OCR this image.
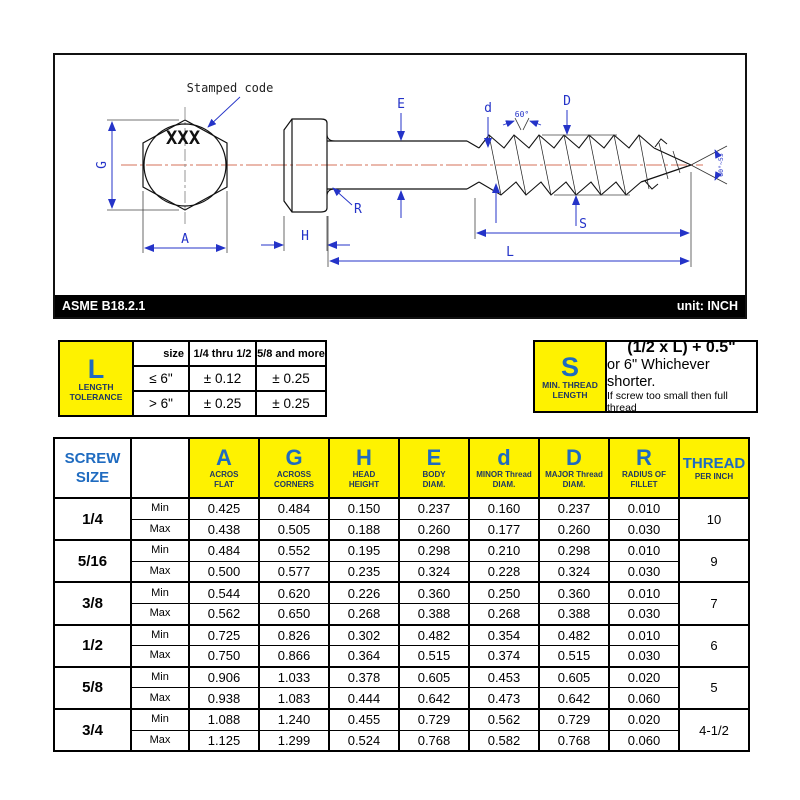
XXX
Stamped code
G
A
E	d	D
60°
60°~55
R
H
S
L
ASME B18.2.1	unit: INCH
L
LENGTH
TOLERANCE	size	1/4 thru 1/2	5/8 and more
	≤ 6"	± 0.12	± 0.25
	> 6"	± 0.25	± 0.25
S
MIN. THREAD
LENGTH
(1/2 x L) + 0.5"
or 6" Whichever shorter.
If screw too small then full thread
SCREW
SIZE

A
ACROS
FLAT

G
ACROSS
CORNERS

H
HEAD
HEIGHT

E
BODY
DIAM.

d
MINOR Thread
DIAM.

D
MAJOR Thread
DIAM.

R
RADIUS OF
FILLET

THREAD
PER INCH

1/4	Min	0.425	0.484	0.150	0.237	0.160	0.237	0.010	10
	Max	0.438	0.505	0.188	0.260	0.177	0.260	0.030	
5/16	Min	0.484	0.552	0.195	0.298	0.210	0.298	0.010	9
	Max	0.500	0.577	0.235	0.324	0.228	0.324	0.030	
3/8	Min	0.544	0.620	0.226	0.360	0.250	0.360	0.010	7
	Max	0.562	0.650	0.268	0.388	0.268	0.388	0.030	
1/2	Min	0.725	0.826	0.302	0.482	0.354	0.482	0.010	6
	Max	0.750	0.866	0.364	0.515	0.374	0.515	0.030	
5/8	Min	0.906	1.033	0.378	0.605	0.453	0.605	0.020	5
	Max	0.938	1.083	0.444	0.642	0.473	0.642	0.060	
3/4	Min	1.088	1.240	0.455	0.729	0.562	0.729	0.020	4-1/2
	Max	1.125	1.299	0.524	0.768	0.582	0.768	0.060	
